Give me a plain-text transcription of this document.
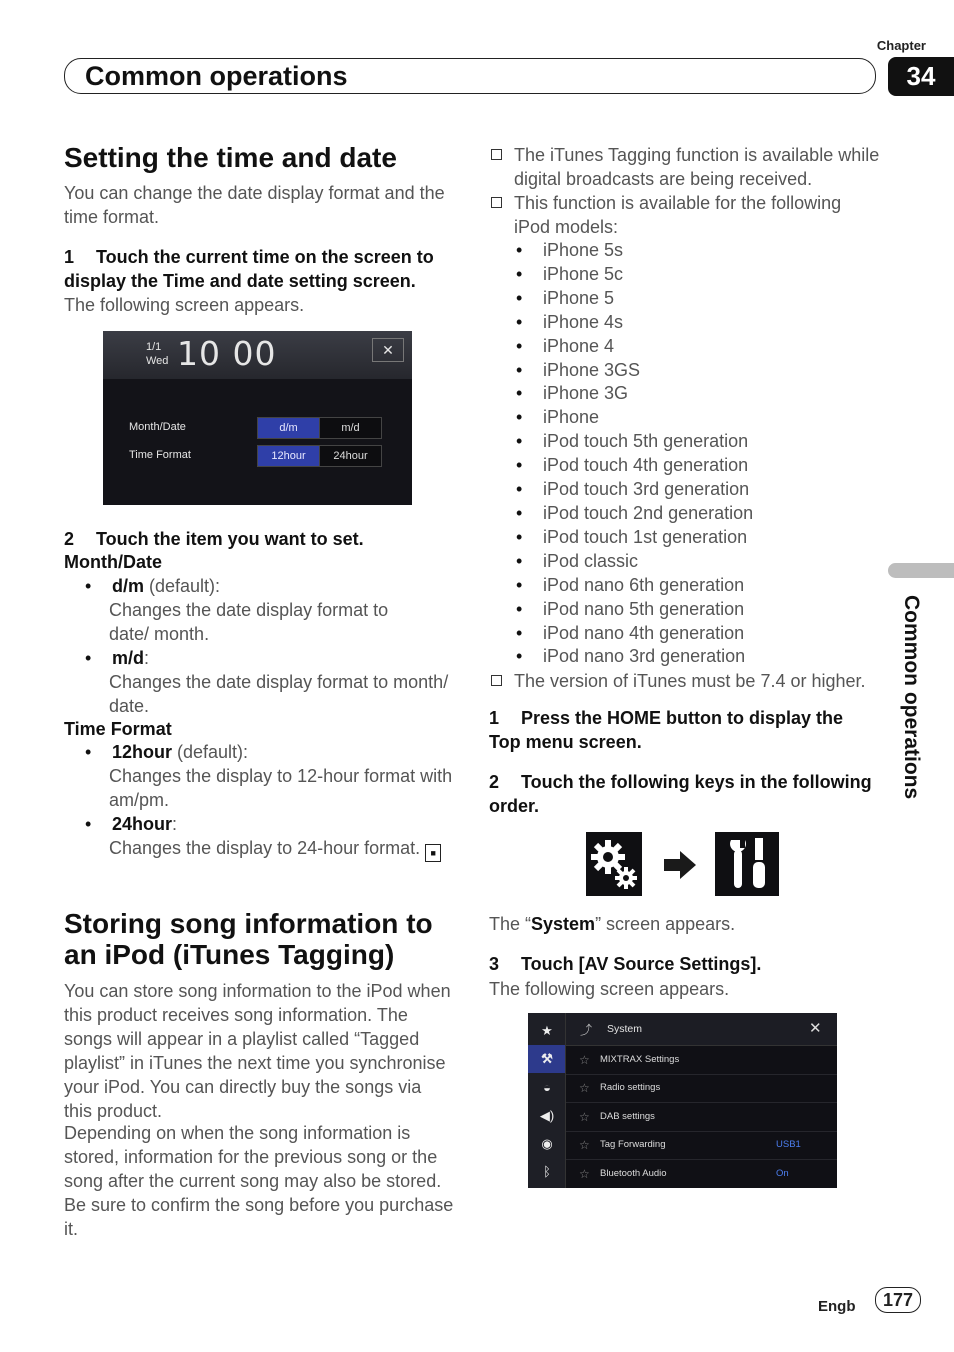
Common operations
Chapter
34
Common operations
Setting the time and date
You can change the date display format and the time format.
1 Touch the current time on the screen to display the Time and date setting screen.
The following screen appears.
1/1
Wed 10 00	✕
Month/Date	d/m	m/d
Time Format	12hour	24hour
2 Touch the item you want to set.
Month/Date
• d/m (default):
Changes the date display format to date/ month.
• m/d:
Changes the date display format to month/ date.
Time Format
• 12hour (default):
Changes the display to 12-hour format with am/pm.
• 24hour:
Changes the display to 24-hour format. ■
Storing song information to an iPod (iTunes Tagging)
You can store song information to the iPod when this product receives song information. The songs will appear in a playlist called “Tagged playlist” in iTunes the next time you synchronise your iPod. You can directly buy the songs via this product.
Depending on when the song information is stored, information for the previous song or the song after the current song may also be stored. Be sure to confirm the song before you purchase it.
The iTunes Tagging function is available while digital broadcasts are being received.
This function is available for the following iPod models:
• iPhone 5s
• iPhone 5c
• iPhone 5
• iPhone 4s
• iPhone 4
• iPhone 3GS
• iPhone 3G
• iPhone
• iPod touch 5th generation
• iPod touch 4th generation
• iPod touch 3rd generation
• iPod touch 2nd generation
• iPod touch 1st generation
• iPod classic
• iPod nano 6th generation
• iPod nano 5th generation
• iPod nano 4th generation
• iPod nano 3rd generation
The version of iTunes must be 7.4 or higher.
1 Press the HOME button to display the Top menu screen.
2 Touch the following keys in the following order.
The “System” screen appears.
3 Touch [AV Source Settings].
The following screen appears.
★
⚒
◒
◀)
◉
ᛒ
⤴ System	✕
☆ MIXTRAX Settings
☆ Radio settings
☆ DAB settings
☆ Tag Forwarding	USB1
☆ Bluetooth Audio	On
Engb	177
